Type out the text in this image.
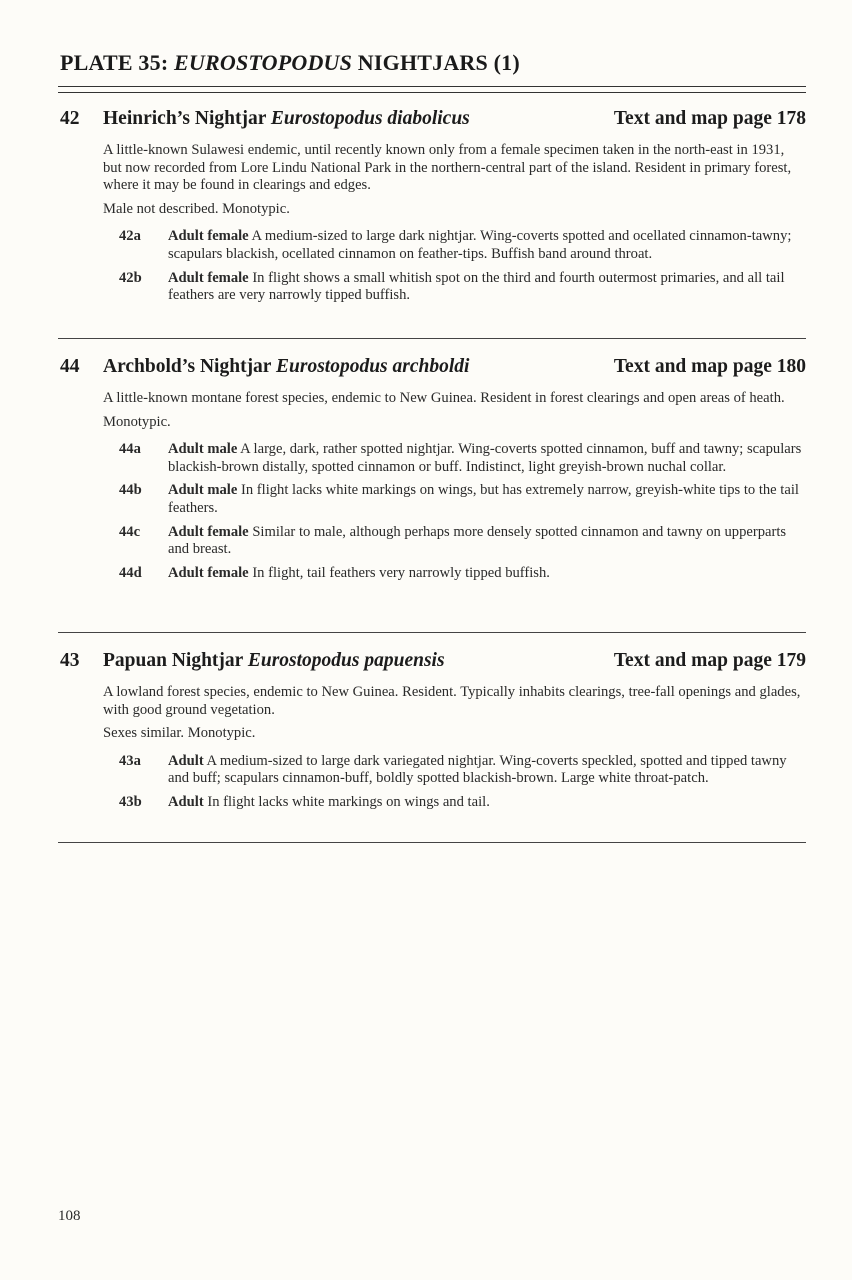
PLATE 35: EUROSTOPODUS NIGHTJARS (1)
42 Heinrich’s Nightjar Eurostopodus diabolicus	Text and map page 178
A little-known Sulawesi endemic, until recently known only from a female specimen taken in the north-east in 1931, but now recorded from Lore Lindu National Park in the northern-central part of the island. Resident in primary forest, where it may be found in clearings and edges.
Male not described. Monotypic.
42a Adult female A medium-sized to large dark nightjar. Wing-coverts spotted and ocellated cinnamon-tawny; scapulars blackish, ocellated cinnamon on feather-tips. Buffish band around throat.
42b Adult female In flight shows a small whitish spot on the third and fourth outermost primaries, and all tail feathers are very narrowly tipped buffish.
44 Archbold’s Nightjar Eurostopodus archboldi	Text and map page 180
A little-known montane forest species, endemic to New Guinea. Resident in forest clearings and open areas of heath.
Monotypic.
44a Adult male A large, dark, rather spotted nightjar. Wing-coverts spotted cinnamon, buff and tawny; scapulars blackish-brown distally, spotted cinnamon or buff. Indistinct, light greyish-brown nuchal collar.
44b Adult male In flight lacks white markings on wings, but has extremely narrow, greyish-white tips to the tail feathers.
44c Adult female Similar to male, although perhaps more densely spotted cinnamon and tawny on upperparts and breast.
44d Adult female In flight, tail feathers very narrowly tipped buffish.
43 Papuan Nightjar Eurostopodus papuensis	Text and map page 179
A lowland forest species, endemic to New Guinea. Resident. Typically inhabits clearings, tree-fall openings and glades, with good ground vegetation.
Sexes similar. Monotypic.
43a Adult A medium-sized to large dark variegated nightjar. Wing-coverts speckled, spotted and tipped tawny and buff; scapulars cinnamon-buff, boldly spotted blackish-brown. Large white throat-patch.
43b Adult In flight lacks white markings on wings and tail.
108
